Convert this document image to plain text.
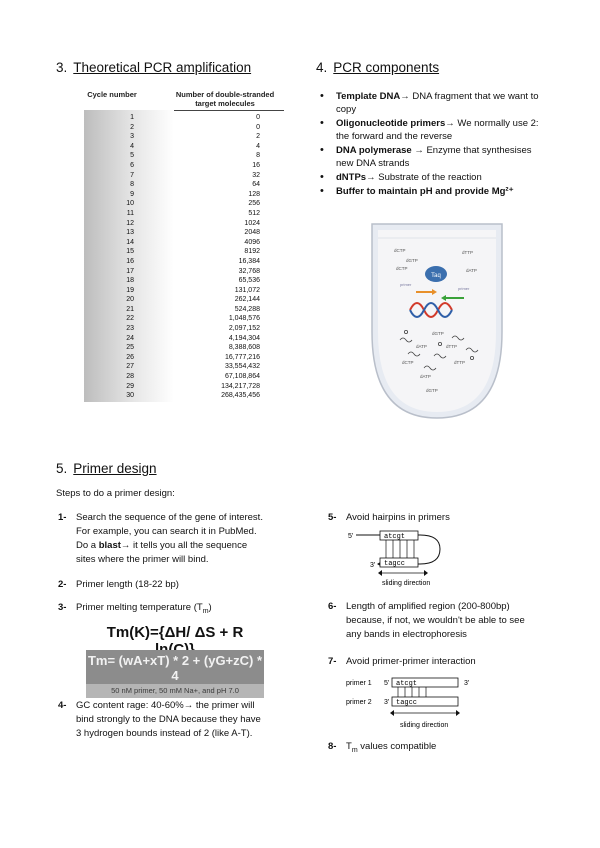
3. Theoretical PCR amplification
Cycle number	Number of double-stranded
target molecules
1	0
2	0
3	2
4	4
5	8
6	16
7	32
8	64
9	128
10	256
11	512
12	1024
13	2048
14	4096
15	8192
16	16,384
17	32,768
18	65,536
19	131,072
20	262,144
21	524,288
22	1,048,576
23	2,097,152
24	4,194,304
25	8,388,608
26	16,777,216
27	33,554,432
28	67,108,864
29	134,217,728
30	268,435,456
4. PCR components
• Template DNA→ DNA fragment that we want to copy
• Oligonucleotide primers→ We normally use 2: the forward and the reverse
• DNA polymerase → Enzyme that synthesises new DNA strands
• dNTPs→ Substrate of the reaction
• Buffer to maintain pH and provide Mg²⁺
Taq
primer
primer
dCTP	dTTP
dCTP
dGTP
dATP
dGTP
dATP	dTTP
dCTP	dTTP
dATP
dGTP
5. Primer design
Steps to do a primer design:
1- Search the sequence of the gene of interest.
For example, you can search it in PubMed.
Do a blast→ it tells you all the sequence
sites where the primer will bind.
2- Primer length (18-22 bp)
3- Primer melting temperature $(T_m)$
Tm(K)={ΔH/ ΔS + R
Tm= (wA+xT) * 2 + (yG+zC) * 4
50 nM primer, 50 mM Na+, and pH 7.0
4- GC content rage: 40-60%→ the primer will
bind strongly to the DNA because they have
3 hydrogen bounds instead of 2 (like A-T).
5- Avoid hairpins in primers
5'
3'
atcgt
tagcc
sliding direction
6- Length of amplified region (200-800bp)
because, if not, we wouldn't be able to see
any bands in electrophoresis
7- Avoid primer-primer interaction
primer 1
primer 2
5'
3'
atcgt
tagcc
3'
sliding direction
8- $T_m$ values compatible
